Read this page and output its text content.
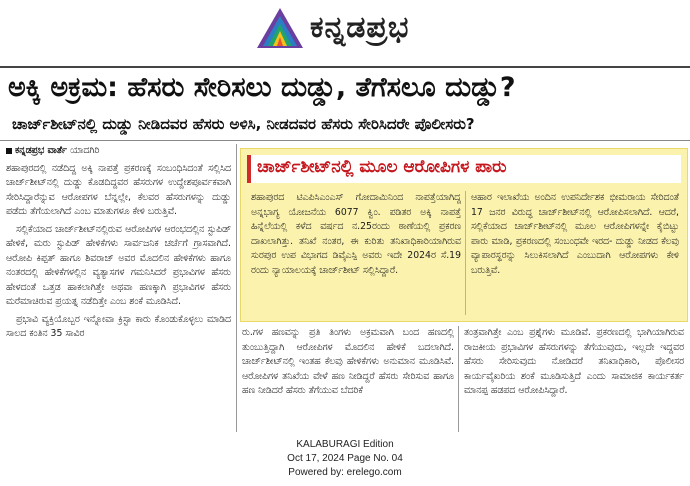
ಕನ್ನಡಪ್ರಭ
ಅಕ್ಕಿ ಅಕ್ರಮ: ಹೆಸರು ಸೇರಿಸಲು ದುಡ್ಡು, ತೆಗೆಸಲೂ ದುಡ್ಡು?
ಚಾರ್ಜ್‌ಶೀಟ್‌ನಲ್ಲಿ ದುಡ್ಡು ನೀಡಿದವರ ಹೆಸರು ಅಳಿಸಿ, ನೀಡದವರ ಹೆಸರು ಸೇರಿಸಿದರೇ ಪೊಲೀಸರು?

ಕನ್ನಡಪ್ರಭ ವಾರ್ತೆ ಯಾದಗಿರಿ

ಶಹಾಪುರದಲ್ಲಿ ನಡೆದಿದ್ದ ಅಕ್ಕಿ ನಾಪತ್ತೆ ಪ್ರಕರಣಕ್ಕೆ ಸಂಬಂಧಿಸಿದಂತೆ ಸಲ್ಲಿಸಿದ ಚಾರ್ಜ್‌ಶೀಟ್‌ನಲ್ಲಿ ದುಡ್ಡು ಕೊಡದಿದ್ದವರ ಹೆಸರುಗಳ ಉದ್ದೇಶಪೂರ್ವಕವಾಗಿ ಸೇರಿಸಿದ್ದಾರೆನ್ನುವ ಆರೋಪಗಳ ಬೆನ್ನಲ್ಲೇ, ಕೆಲವರ ಹೆಸರುಗಳನ್ನು ದುಡ್ಡು ಪಡೆದು ತೆಗೆಯಲಾಗಿದೆ ಎಂಬ ಮಾತುಗಳೂ ಕೇಳಿ ಬರುತ್ತಿವೆ.

ಸಲ್ಲಿಕೆಯಾದ ಚಾರ್ಜ್‌ಶೀಟ್‌ನಲ್ಲಿರುವ ಆರೋಪಿಗಳ ಆರಂಭದಲ್ಲಿನ ಸ್ಟುಪಿಡ್‌ ಹೇಳಿಕೆ, ಮರು ಸ್ಟುಪಿಡ್‌ ಹೇಳಿಕೆಗಳು ಸಾರ್ವಜನಿಕ ಚರ್ಚೆಗೆ ಗ್ರಾಸವಾಗಿದೆ. ಆರೋಪಿ ಕಿಪ್ಪತ್‌ ಹಾಗೂ ಶಿವರಾಜ್‌ ಅವರ ಮೊದಲಿನ ಹೇಳಿಕೆಗಳು ಹಾಗೂ ನಂತರದಲ್ಲಿ ಹೇಳಿಕೆಗಳಲ್ಲಿನ ವ್ಯತ್ಯಾಸಗಳ ಗಮನಿಸಿದರೆ ಪ್ರಭಾವಿಗಳ ಹೆಸರು ಹೇಳದಂತೆ ಒತ್ತಡ ಹಾಕಲಾಗಿತ್ತೇ ಅಥವಾ ಹಣಕ್ಕಾಗಿ ಪ್ರಭಾವಿಗಳ ಹೆಸರು ಮರೆಮಾಚಿರುವ ಪ್ರಯತ್ನ ನಡೆದಿತ್ತೇ ಎಂಬ ಶಂಕೆ ಮೂಡಿಸಿದೆ.

ಪ್ರಭಾವಿ ವ್ಯಕ್ತಿಯೊಬ್ಬರ ಇನ್ನೋವಾ ಕ್ರಿಸ್ಟಾ ಕಾರು ಕೊಂಡುಕೊಳ್ಳಲು ಮಾಡಿದ ಸಾಲದ ಕಂತಿನ 35 ಸಾವಿರ

ಚಾರ್ಜ್‌ಶೀಟ್‌ನಲ್ಲಿ ಮೂಲ ಆರೋಪಿಗಳ ಪಾರು
ಶಹಾಪುರದ ಟಿಎಪಿಸಿಎಂಎಸ್‌ ಗೋದಾಮಿನಿಂದ ನಾಪತ್ತೆಯಾಗಿದ್ದ ಅನ್ನಭಾಗ್ಯ ಯೋಜನೆಯ 6077 ಕ್ವಿಂ. ಪಡಿತರ ಅಕ್ಕಿ ನಾಪತ್ತೆ ಹಿನ್ನೆಲೆಯಲ್ಲಿ ಕಳೆದ ವರ್ಷದ ನ.25ರಂದು ಠಾಣೆಯಲ್ಲಿ ಪ್ರಕರಣ ದಾಖಲಾಗಿತ್ತು. ತನಿಖೆ ನಂತರ, ಈ ಕುರಿತು ತನಿಖಾಧಿಕಾರಿಯಾಗಿರುವ ಸುರಪುರ ಉಪ ವಿಭಾಗದ ಡಿವೈಎಸ್ಪಿ ಅವರು ಇದೇ 2024ರ ಸೆ.19 ರಂದು ನ್ಯಾಯಾಲಯಕ್ಕೆ ಚಾರ್ಜ್‌ಶೀಟ್‌ ಸಲ್ಲಿಸಿದ್ದಾರೆ.
ಆಹಾರ ಇಲಾಖೆಯ ಅಂದಿನ ಉಪನಿರ್ದೇಶಕ ಭೀಮರಾಯ ಸೇರಿದಂತೆ 17 ಜನರ ವಿರುದ್ಧ ಚಾರ್ಜ್‌ಶೀಟ್‌ನಲ್ಲಿ ಆರೋಪಿಸಲಾಗಿದೆ. ಆದರೆ, ಸಲ್ಲಿಕೆಯಾದ ಚಾರ್ಜ್‌ಶೀಟ್‌ನಲ್ಲಿ ಮೂಲ ಆರೋಪಿಗಳನ್ನೇ ಕೈಬಿಟ್ಟು ಪಾರು ಮಾಡಿ, ಪ್ರಕರಣದಲ್ಲಿ ಸಂಬಂಧವೇ ಇರದ- ದುಡ್ಡು ನೀಡದ ಕೆಲವು ವ್ಯಾಪಾರಸ್ಥರನ್ನು ಸಿಲುಕಿಸಲಾಗಿದೆ ಎಂಬುದಾಗಿ ಆರೋಪಗಳು ಕೇಳಿ ಬರುತ್ತಿವೆ.
ರು.ಗಳ ಹಣವನ್ನು ಪ್ರತಿ ತಿಂಗಳು ಅಕ್ರಮವಾಗಿ ಬಂದ ಹಣದಲ್ಲಿ ತುಂಬುತ್ತಿದ್ದಾಗಿ ಆರೋಪಿಗಳ ಮೊದಲಿನ ಹೇಳಿಕೆ ಬದಲಾಗಿದೆ. ಚಾರ್ಜ್‌ಶೀಟ್‌ನಲ್ಲಿ ಇಂತಹ ಕೆಲವು ಹೇಳಿಕೆಗಳು ಅನುಮಾನ ಮೂಡಿಸಿವೆ. ಆರೋಪಿಗಳ ತನಿಖೆಯ ವೇಳೆ ಹಣ ನೀಡಿದ್ದರೆ ಹೆಸರು ಸೇರಿಸುವ ಹಾಗೂ ಹಣ ನೀಡಿದರೆ ಹೆಸರು ತೆಗೆಯುವ ಬೆದರಿಕೆ
ತಂತ್ರವಾಗಿತ್ತೇ ಎಂಬ ಪ್ರಶ್ನೆಗಳು ಮೂಡಿವೆ. ಪ್ರಕರಣದಲ್ಲಿ ಭಾಗಿಯಾಗಿರುವ ರಾಜಕೀಯ ಪ್ರಭಾವಿಗಳ ಹೆಸರುಗಳನ್ನು ತೆಗೆಯುವುದು, ಇಲ್ಲದೇ ಇದ್ದವರ ಹೆಸರು ಸೇರಿಸುವುದು ನೋಡಿದರೆ ತನಿಖಾಧಿಕಾರಿ, ಪೊಲೀಸರ ಕಾರ್ಯವೈಖರಿಯ ಶಂಕೆ ಮೂಡಿಸುತ್ತಿದೆ ಎಂದು ಸಾಮಾಜಿಕ ಕಾರ್ಯಕರ್ತ ಮಾನಪ್ಪ ಹಡಪದ ಆರೋಪಿಸಿದ್ದಾರೆ.
KALABURAGI Edition
Oct 17, 2024 Page No. 04
Powered by: erelego.com
